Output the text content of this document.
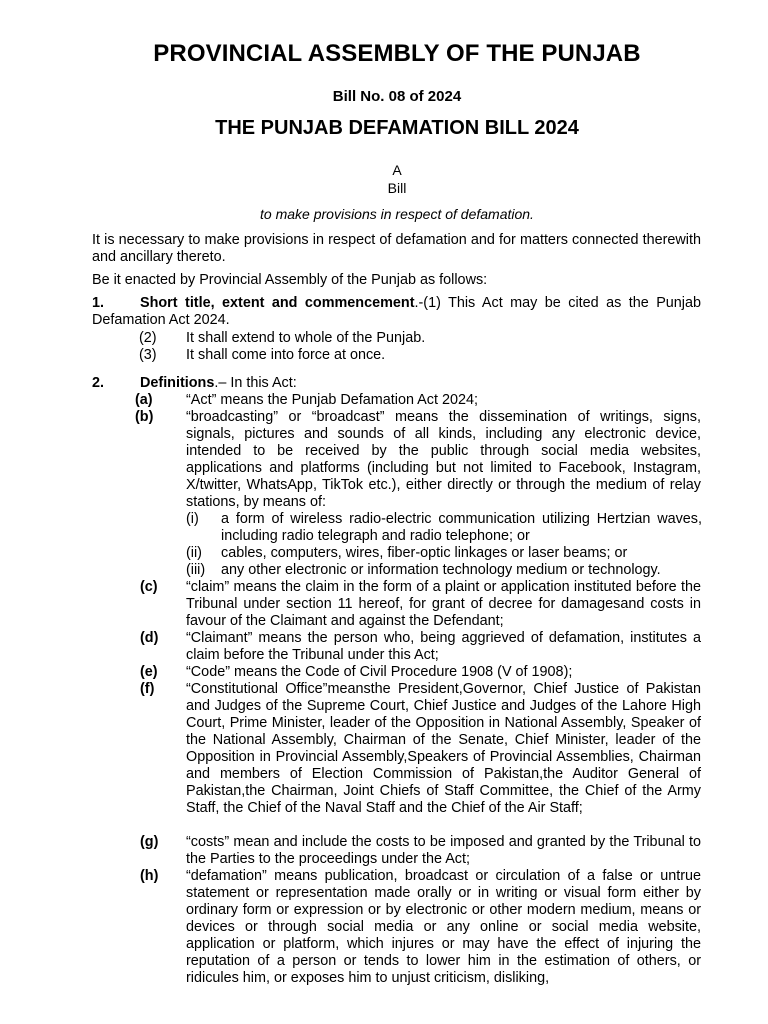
PROVINCIAL ASSEMBLY OF THE PUNJAB
Bill No. 08 of 2024
THE PUNJAB DEFAMATION BILL 2024
A
Bill
to make provisions in respect of defamation.
It is necessary to make provisions in respect of defamation and for matters connected therewith and ancillary thereto.
Be it enacted by Provincial Assembly of the Punjab as follows:
1. Short title, extent and commencement.-(1) This Act may be cited as the Punjab Defamation Act 2024.
(2) It shall extend to whole of the Punjab.
(3) It shall come into force at once.
2. Definitions.– In this Act:
(a)	“Act” means the Punjab Defamation Act 2024;
(b)	“broadcasting” or “broadcast” means the dissemination of writings, signs, signals, pictures and sounds of all kinds, including any electronic device, intended to be received by the public through social media websites, applications and platforms (including but not limited to Facebook, Instagram, X/twitter, WhatsApp, TikTok etc.), either directly or through the medium of relay stations, by means of:
(i) a form of wireless radio-electric communication utilizing Hertzian waves, including radio telegraph and radio telephone; or
(ii) cables, computers, wires, fiber-optic linkages or laser beams; or
(iii) any other electronic or information technology medium or technology.
(c)	“claim” means the claim in the form of a plaint or application instituted before the Tribunal under section 11 hereof, for grant of decree for damagesand costs in favour of the Claimant and against the Defendant;
(d)	“Claimant” means the person who, being aggrieved of defamation, institutes a claim before the Tribunal under this Act;
(e)	“Code” means the Code of Civil Procedure 1908 (V of 1908);
(f)	“Constitutional Office”meansthe President,Governor, Chief Justice of Pakistan and Judges of the Supreme Court, Chief Justice and Judges of the Lahore High Court, Prime Minister, leader of the Opposition in National Assembly, Speaker of the National Assembly, Chairman of the Senate, Chief Minister, leader of the Opposition in Provincial Assembly,Speakers of Provincial Assemblies, Chairman and members of Election Commission of Pakistan,the Auditor General of Pakistan,the Chairman, Joint Chiefs of Staff Committee, the Chief of the Army Staff, the Chief of the Naval Staff and the Chief of the Air Staff;
(g)	“costs” mean and include the costs to be imposed and granted by the Tribunal to the Parties to the proceedings under the Act;
(h)	“defamation” means publication, broadcast or circulation of a false or untrue statement or representation made orally or in writing or visual form either by ordinary form or expression or by electronic or other modern medium, means or devices or through social media or any online or social media website, application or platform, which injures or may have the effect of injuring the reputation of a person or tends to lower him in the estimation of others, or ridicules him, or exposes him to unjust criticism, disliking,
